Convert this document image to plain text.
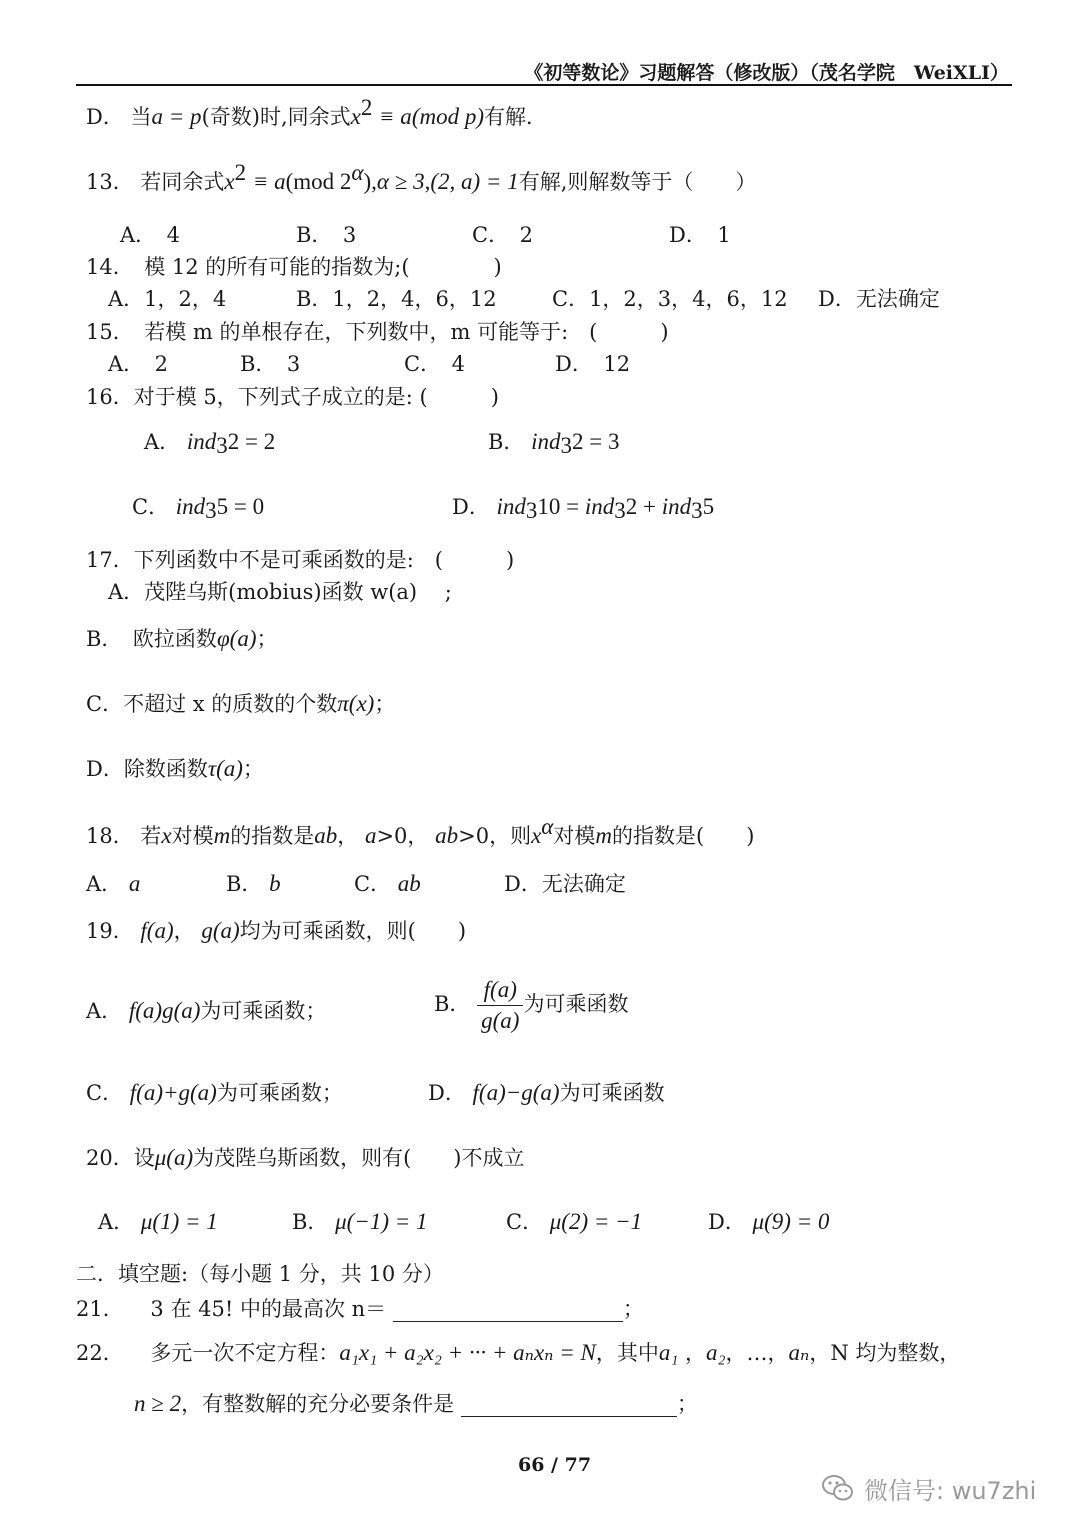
《初等数论》习题解答（修改版）（茂名学院　WeiXLI）
D． 当a = p(奇数)时,同余式$x^2 \equiv a(mod$ p)有解．
13． 若同余式$x^2 \equiv a(mod$ $2^\alpha),\alpha \ge 3,(2$, a) = 1有解,则解数等于（　　）
A．　4	B．　3	C．　2	D．　1
14．　模 12 的所有可能的指数为;(　　　　)
A．1，2，4	B．1，2，4，6，12	C．1，2，3，4，6，12 D．无法确定
15．　若模 m 的单根存在，下列数中，m 可能等于:　(　　　)
A．　2	B．　3	C．　4	D．　12
16．对于模 5，下列式子成立的是: (　　　)
A． ind$_3$2 = 2	B． ind$_3$2 = 3
C． ind$_3$5 = 0	D． ind$_3$10 = ind$_3$2 + ind$_3$5
17．下列函数中不是可乘函数的是:　(　　　)
A．茂陛乌斯(mobius)函数 w(a)　 ;
B．　欧拉函数φ(a)；
C．不超过 x 的质数的个数π(x)；
D．除数函数τ(a)；
18． 若x对模m的指数是ab， a>0， ab>0，则$x^\alpha$对模m的指数是(　　)
A． a	B． b	C． ab	D．无法确定
19． f(a)， g(a)均为可乘函数，则(　　)
A． f(a)g(a)为可乘函数；	B． $\frac{f(a)}{g(a)}$ 为可乘函数
C． f(a)+g(a)为可乘函数；	D． f(a)−g(a)为可乘函数
20．设μ(a)为茂陛乌斯函数，则有(　　)不成立
A． μ(1) = 1	B． μ(−1) = 1	C． μ(2) = −1	D． μ(9) = 0
二．填空题:（每小题 1 分，共 10 分）
21． 3 在 45! 中的最高次 n＝	；
22． 多元一次不定方程：a₁x₁ + a₂x₂ + ··· + aₙxₙ = N，其中a₁ ，a₂，…，aₙ，N 均为整数，
n ≥ 2，有整数解的充分必要条件是	；
66 / 77
微信号: wu7zhi
